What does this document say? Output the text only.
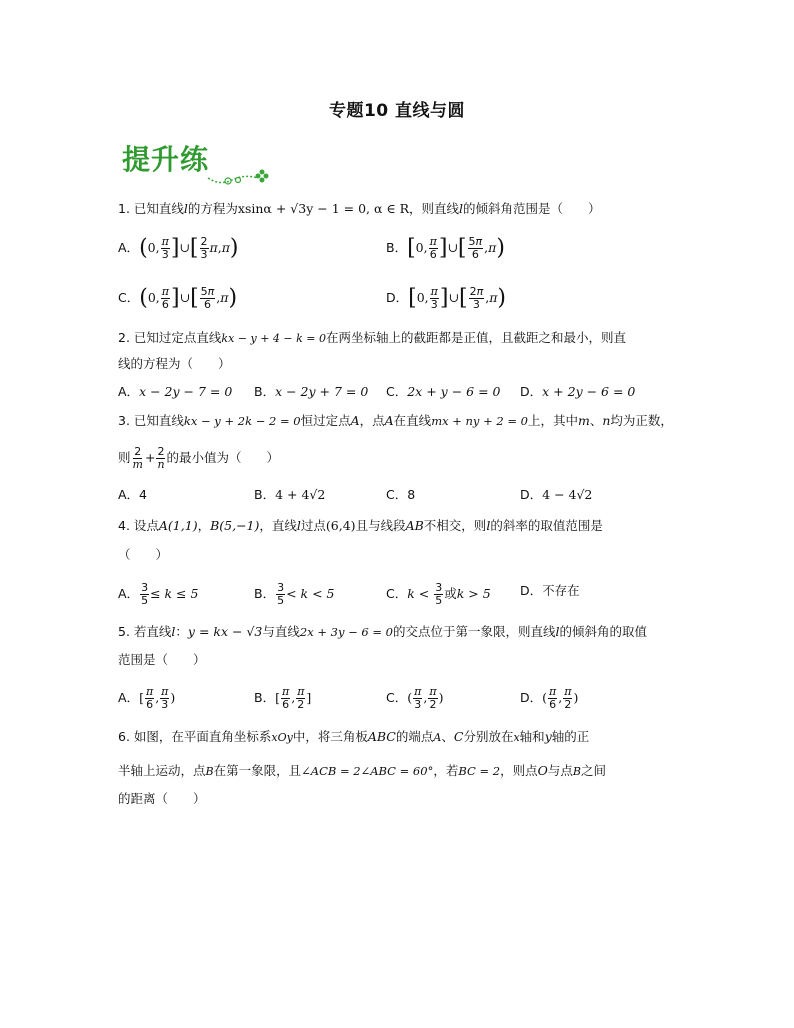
专题10 直线与圆
提升练
1. 已知直线l的方程为xsinα + √3y − 1 = 0, α ∈ R，则直线l的倾斜角范围是（　　）
A．(0, $\frac{\pi}{3}$ ]∪[ $\frac{2}{3} \pi,\pi$)	B．[0, $\frac{\pi}{6}$ ]∪[ $\frac{5\pi}{6} ,\pi$)
C．(0, $\frac{\pi}{6}$ ]∪[ $\frac{5\pi}{6} ,\pi$)	D．[0, $\frac{\pi}{3}$ ]∪[ $\frac{2\pi}{3} ,\pi$)
2. 已知过定点直线kx − y + 4 − k = 0在两坐标轴上的截距都是正值，且截距之和最小，则直
线的方程为（　　）
A．x − 2y − 7 = 0 B．x − 2y + 7 = 0 C．2x + y − 6 = 0 D．x + 2y − 6 = 0
3. 已知直线kx − y + 2k − 2 = 0恒过定点A，点A在直线mx + ny + 2 = 0上，其中m、n均为正数，
则 $\frac{2}{m} + \frac{2}{n}$ 的最小值为（　　）
A．4	B．4 + 4√2	C．8	D．4 − 4√2
4. 设点A(1,1)，B(5,−1)，直线l过点(6,4)且与线段AB不相交，则l的斜率的取值范围是
（　　）
A． $\frac{3}{5} \le k \le 5$	B． $\frac{3}{5} < k < 5$	C．$k < \frac{3}{5}$ 或k > 5 D．不存在
5. 若直线l：y = kx − √3与直线2x + 3y − 6 = 0的交点位于第一象限，则直线l的倾斜角的取值
范围是（　　）
A．[ $\frac{\pi}{6}$ , $\frac{\pi}{3}$ )	B．[ $\frac{\pi}{6}$ , $\frac{\pi}{2}$ ]	C．( $\frac{\pi}{3}$ , $\frac{\pi}{2}$ )	D．( $\frac{\pi}{6}$ , $\frac{\pi}{2}$ )
6. 如图，在平面直角坐标系xOy中，将三角板ABC的端点A、C分别放在x轴和y轴的正
半轴上运动，点B在第一象限，且∠ACB = 2∠ABC = 60°，若BC = 2，则点O与点B之间
的距离（　　）
